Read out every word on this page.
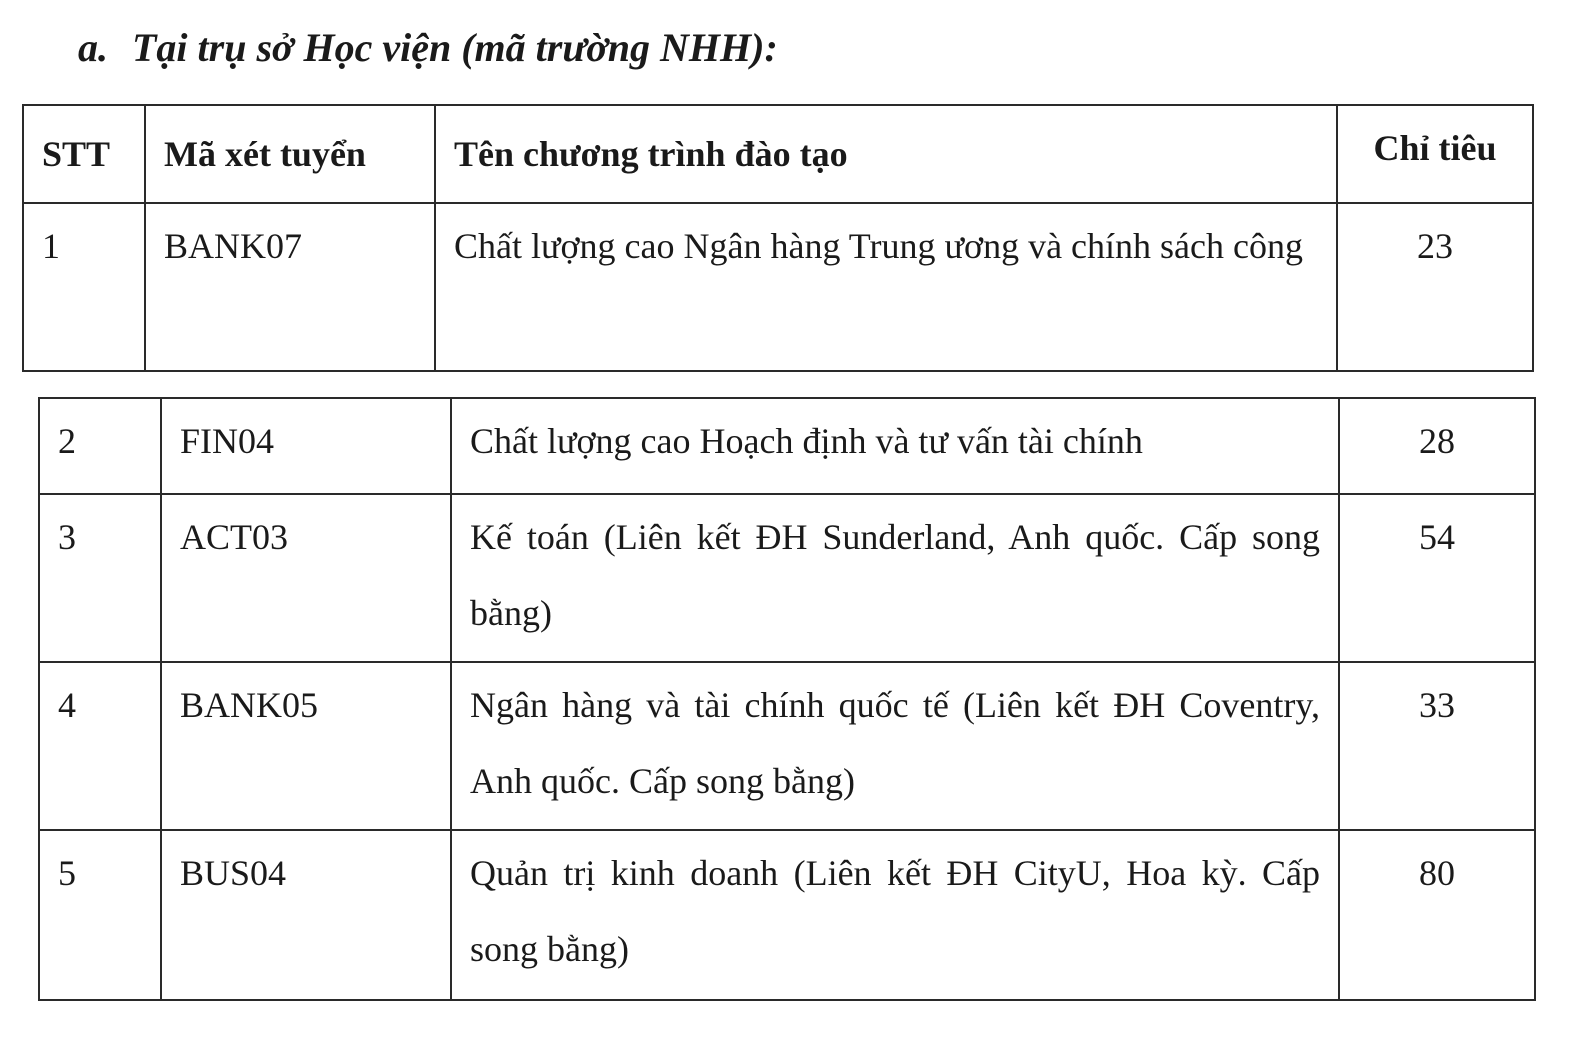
a. Tại trụ sở Học viện (mã trường NHH):
STT	Mã xét tuyển	Tên chương trình đào tạo	Chỉ tiêu

1	BANK07	Chất lượng cao Ngân hàng Trung ương và chính sách công	23
2	FIN04	Chất lượng cao Hoạch định và tư vấn tài chính	28

3	ACT03	Kế toán (Liên kết ĐH Sunderland, Anh quốc. Cấp song bằng)	54

4	BANK05	Ngân hàng và tài chính quốc tế (Liên kết ĐH Coventry, Anh quốc. Cấp song bằng)	33

5	BUS04	Quản trị kinh doanh (Liên kết ĐH CityU, Hoa kỳ. Cấp song bằng)	80
